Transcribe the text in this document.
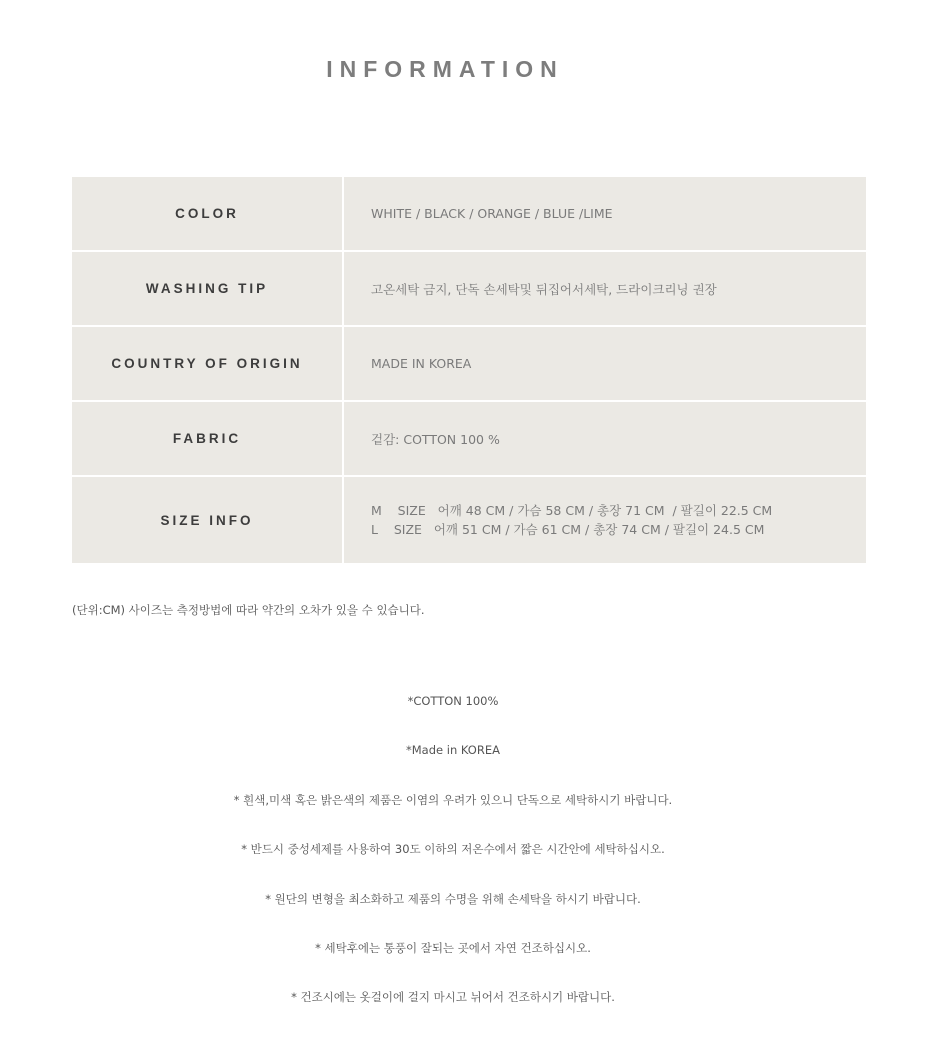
INFORMATION
COLOR	WHITE / BLACK / ORANGE / BLUE /LIME
WASHING TIP	고온세탁 금지, 단독 손세탁및 뒤집어서세탁, 드라이크리닝 권장
COUNTRY OF ORIGIN	MADE IN KOREA
FABRIC	겉감: COTTON 100 %
SIZE INFO
M    SIZE   어깨 48 CM / 가슴 58 CM / 총장 71 CM  / 팔길이 22.5 CM
L    SIZE   어깨 51 CM / 가슴 61 CM / 총장 74 CM / 팔길이 24.5 CM
(단위:CM) 사이즈는 측정방법에 따라 약간의 오차가 있을 수 있습니다.
*COTTON 100%
*Made in KOREA
* 흰색,미색 혹은 밝은색의 제품은 이염의 우려가 있으니 단독으로 세탁하시기 바랍니다.
* 반드시 중성세제를 사용하여 30도 이하의 저온수에서 짧은 시간안에 세탁하십시오.
* 원단의 변형을 최소화하고 제품의 수명을 위해 손세탁을 하시기 바랍니다.
* 세탁후에는 통풍이 잘되는 곳에서 자연 건조하십시오.
* 건조시에는 옷걸이에 걸지 마시고 뉘어서 건조하시기 바랍니다.
